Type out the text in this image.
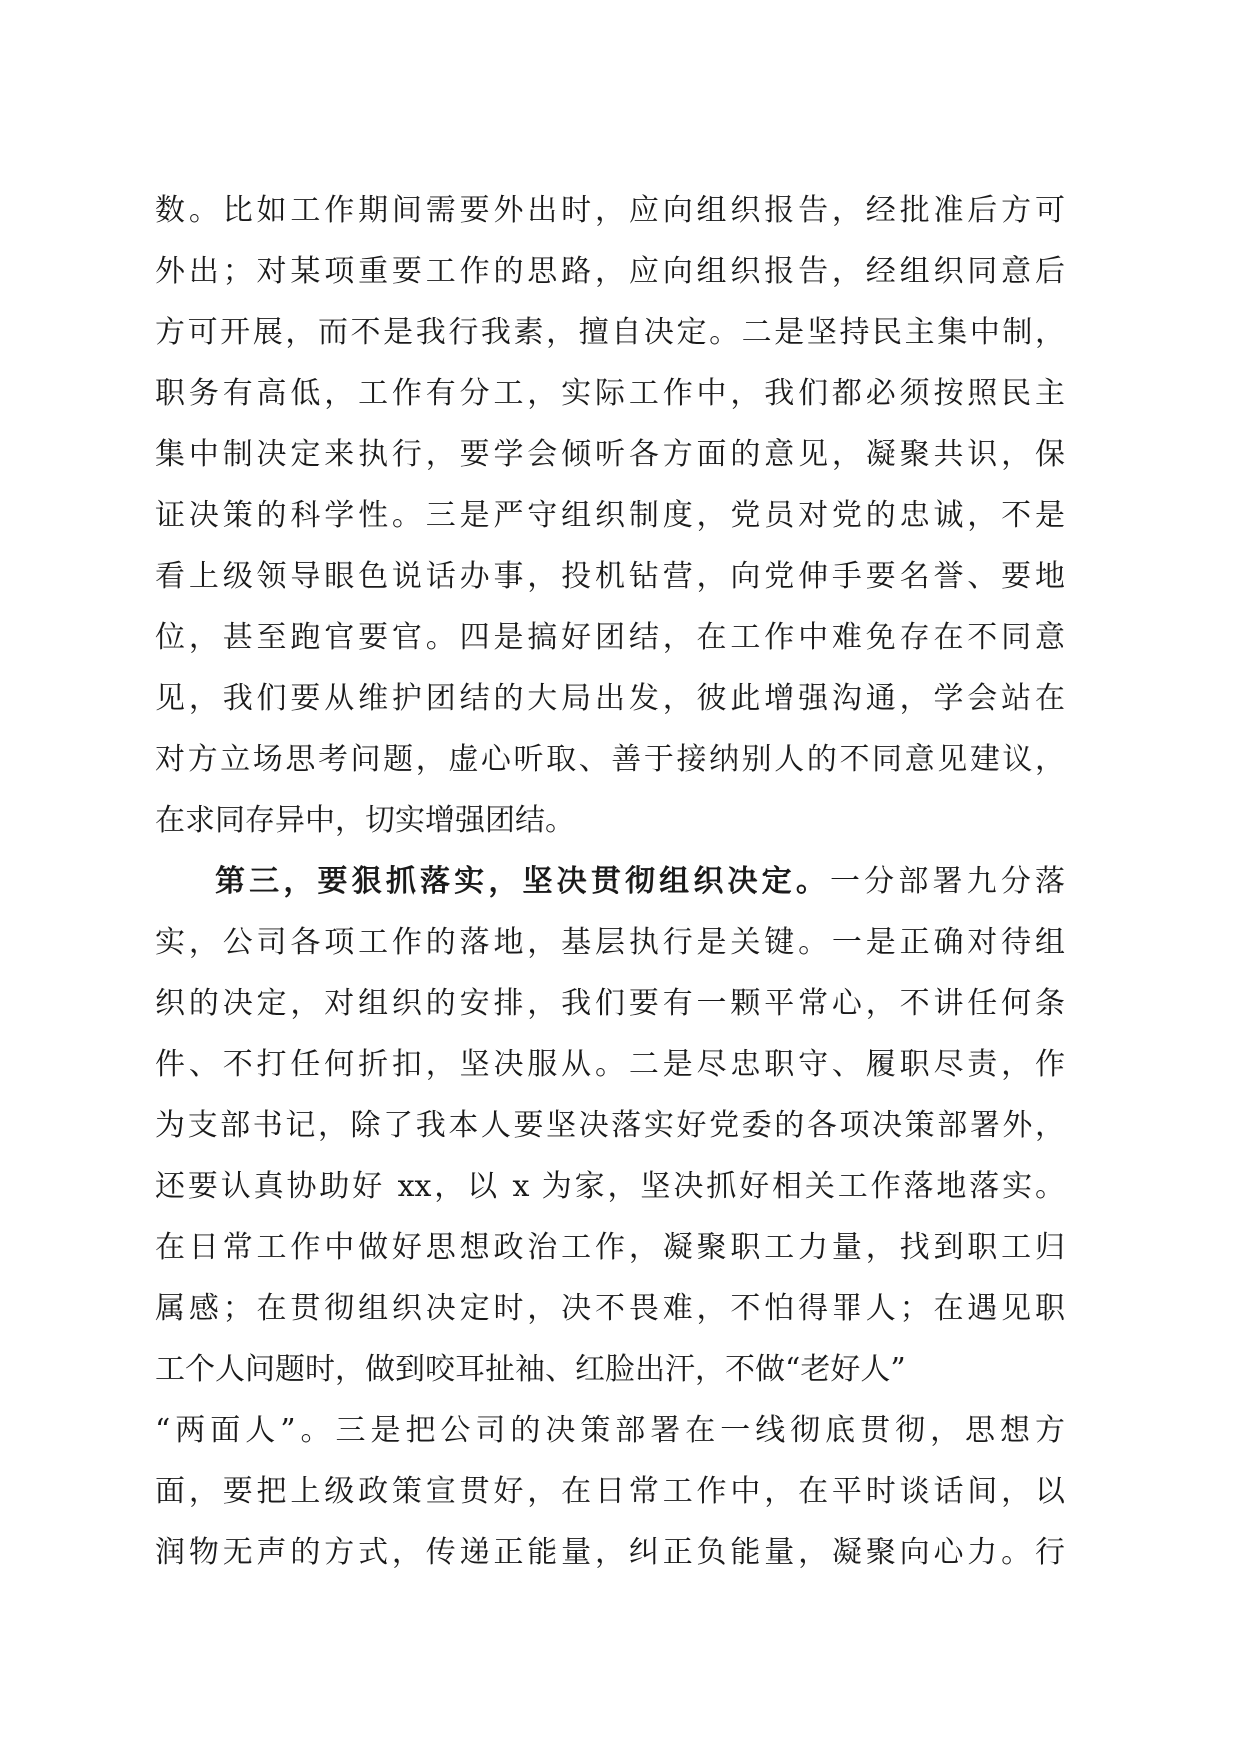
数。比如工作期间需要外出时，应向组织报告，经批准后方可
外出；对某项重要工作的思路，应向组织报告，经组织同意后
方可开展，而不是我行我素，擅自决定。二是坚持民主集中制，
职务有高低，工作有分工，实际工作中，我们都必须按照民主
集中制决定来执行，要学会倾听各方面的意见，凝聚共识，保
证决策的科学性。三是严守组织制度，党员对党的忠诚，不是
看上级领导眼色说话办事，投机钻营，向党伸手要名誉、要地
位，甚至跑官要官。四是搞好团结，在工作中难免存在不同意
见，我们要从维护团结的大局出发，彼此增强沟通，学会站在
对方立场思考问题，虚心听取、善于接纳别人的不同意见建议，
在求同存异中，切实增强团结。
第三，要狠抓落实，坚决贯彻组织决定。一分部署九分落
实，公司各项工作的落地，基层执行是关键。一是正确对待组
织的决定，对组织的安排，我们要有一颗平常心，不讲任何条
件、不打任何折扣，坚决服从。二是尽忠职守、履职尽责，作
为支部书记，除了我本人要坚决落实好党委的各项决策部署外，
还要认真协助好 xx，以 x 为家，坚决抓好相关工作落地落实。
在日常工作中做好思想政治工作，凝聚职工力量，找到职工归
属感；在贯彻组织决定时，决不畏难，不怕得罪人；在遇见职
工个人问题时，做到咬耳扯袖、红脸出汗，不做“老好人”
“两面人”。三是把公司的决策部署在一线彻底贯彻，思想方
面，要把上级政策宣贯好，在日常工作中，在平时谈话间，以
润物无声的方式，传递正能量，纠正负能量，凝聚向心力。行
